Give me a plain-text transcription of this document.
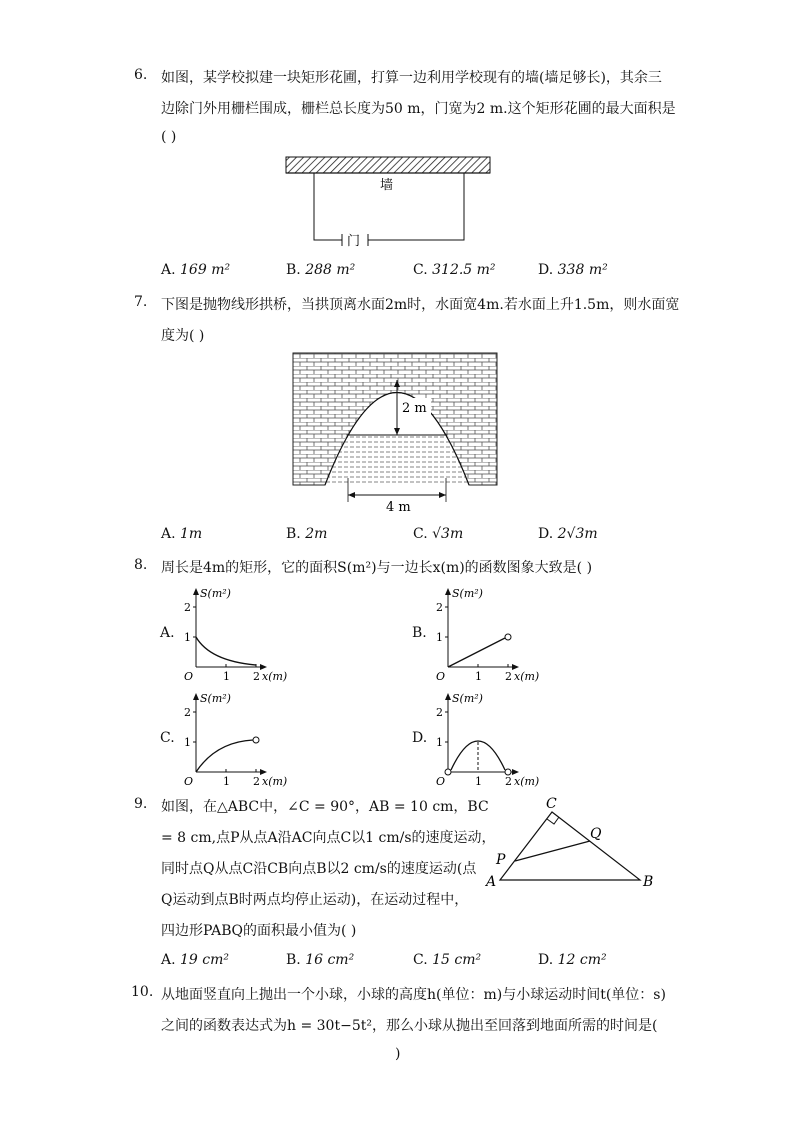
6. 如图，某学校拟建一块矩形花圃，打算一边利用学校现有的墙(墙足够长)，其余三
边除门外用栅栏围成，栅栏总长度为50 m，门宽为2 m.这个矩形花圃的最大面积是
( )
墙
门
A. 169 m²	B. 288 m²	C. 312.5 m²	D. 338 m²
7. 下图是抛物线形拱桥，当拱顶离水面2m时，水面宽4m.若水面上升1.5m，则水面宽
度为( )
2 m
4 m
A. 1m	B. 2m	C. √3m	D. 2√3m
8. 周长是4m的矩形，它的面积S(m²)与一边长x(m)的函数图象大致是( )
A.
S(m²)
2
1
O	1 2 x(m)
B.
S(m²)
2
1
O	1 2 x(m)
C.
S(m²)
2
1
O	1 2 x(m)
D.
S(m²)
2
1
O	1 2 x(m)
9. 如图，在△ABC中，∠C = 90°，AB = 10 cm，BC
= 8 cm,点P从点A沿AC向点C以1 cm/s的速度运动，
同时点Q从点C沿CB向点B以2 cm/s的速度运动(点
Q运动到点B时两点均停止运动)，在运动过程中，
四边形PABQ的面积最小值为( )
C
A	B
P
Q
A. 19 cm²	B. 16 cm²	C. 15 cm²	D. 12 cm²
10. 从地面竖直向上抛出一个小球，小球的高度h(单位：m)与小球运动时间t(单位：s)
之间的函数表达式为h = 30t−5t²，那么小球从抛出至回落到地面所需的时间是(
)
